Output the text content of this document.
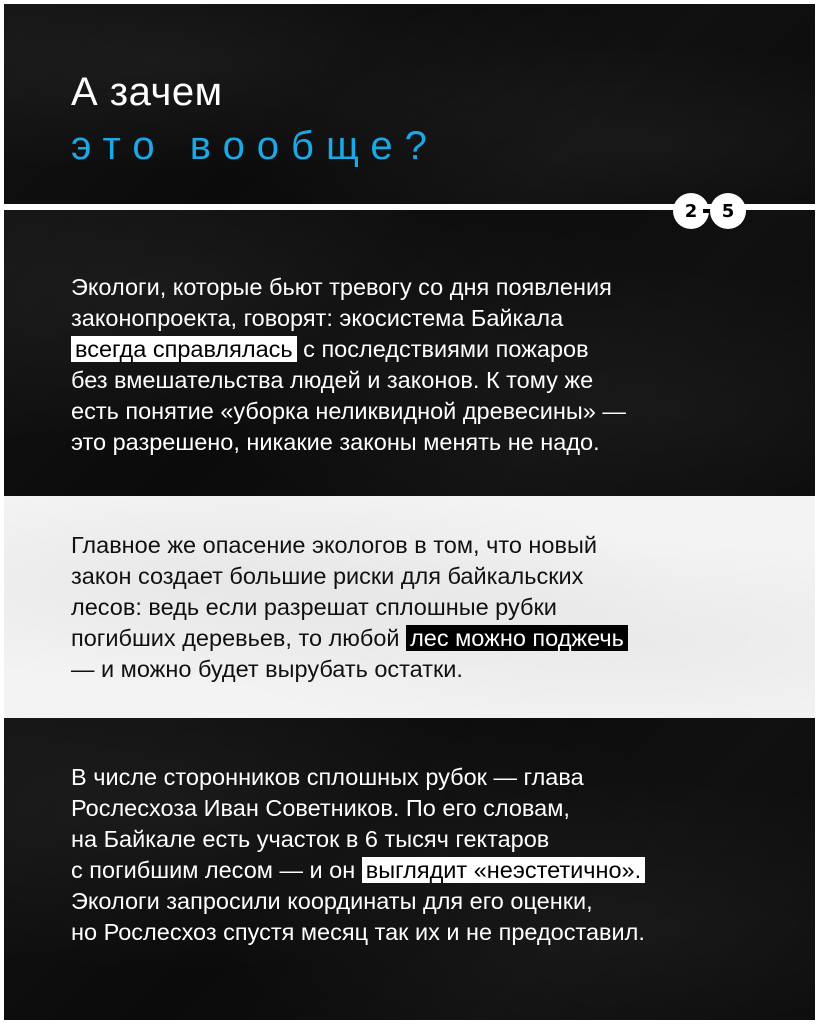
А зачем
это вообще?
Экологи, которые бьют тревогу со дня появления
законопроекта, говорят: экосистема Байкала
всегда справлялась с последствиями пожаров
без вмешательства людей и законов. К тому же
есть понятие «уборка неликвидной древесины» —
это разрешено, никакие законы менять не надо.
Главное же опасение экологов в том, что новый
закон создает большие риски для байкальских
лесов: ведь если разрешат сплошные рубки
погибших деревьев, то любой лес можно поджечь
— и можно будет вырубать остатки.
В числе сторонников сплошных рубок — глава
Рослесхоза Иван Советников. По его словам,
на Байкале есть участок в 6 тысяч гектаров
с погибшим лесом — и он выглядит «неэстетично».
Экологи запросили координаты для его оценки,
но Рослесхоз спустя месяц так их и не предоставил.
2	5
